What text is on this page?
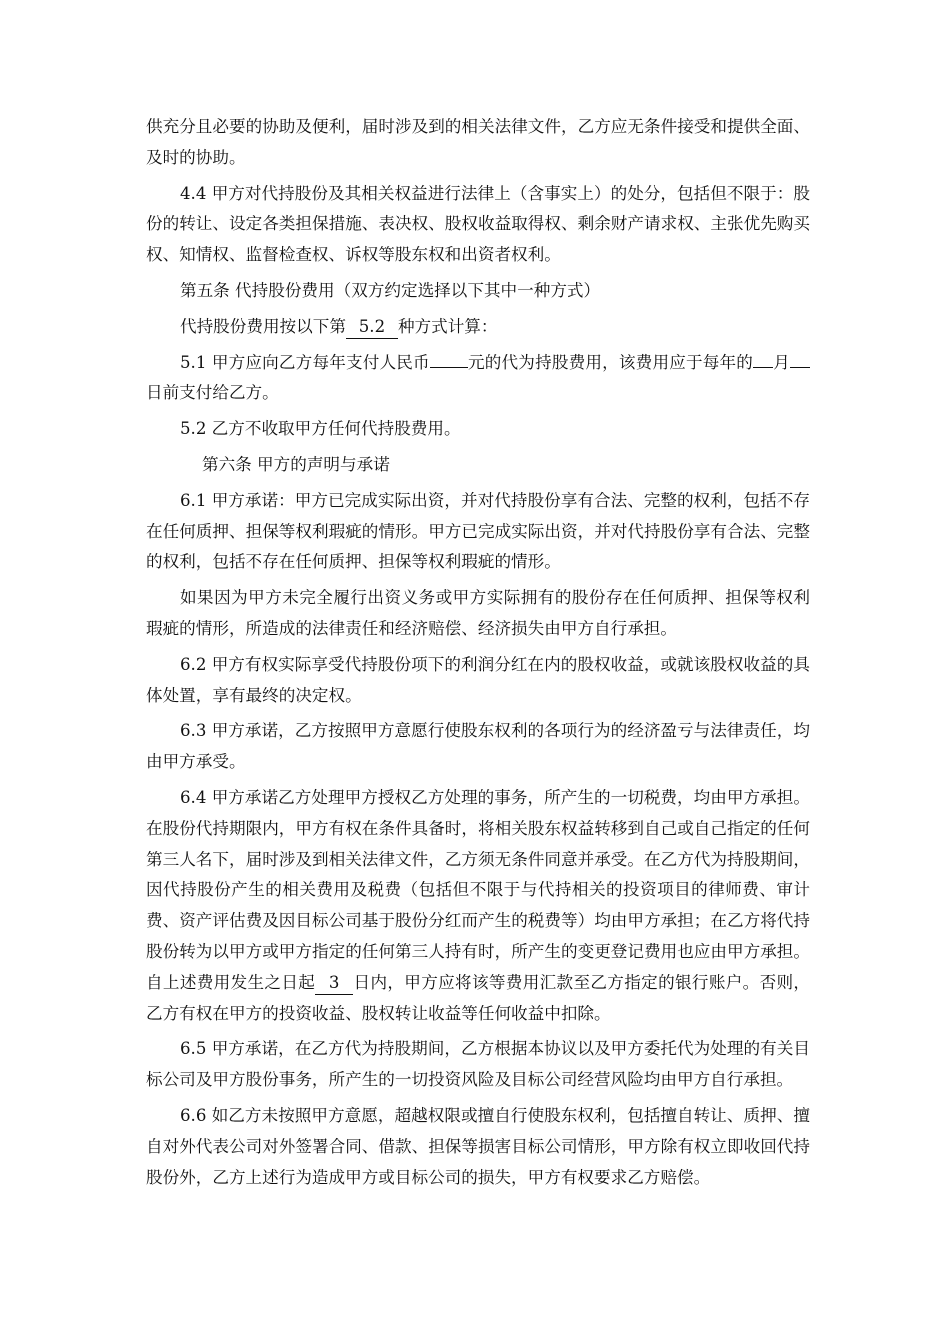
供充分且必要的协助及便利，届时涉及到的相关法律文件，乙方应无条件接受和提供全面、及时的协助。

4.4 甲方对代持股份及其相关权益进行法律上（含事实上）的处分，包括但不限于：股份的转让、设定各类担保措施、表决权、股权收益取得权、剩余财产请求权、主张优先购买权、知情权、监督检查权、诉权等股东权和出资者权利。

第五条 代持股份费用（双方约定选择以下其中一种方式）

代持股份费用按以下第 5.2 种方式计算：

5.1 甲方应向乙方每年支付人民币 元的代为持股费用，该费用应于每年的 月日前支付给乙方。

5.2 乙方不收取甲方任何代持股费用。

第六条 甲方的声明与承诺

6.1 甲方承诺：甲方已完成实际出资，并对代持股份享有合法、完整的权利，包括不存在任何质押、担保等权利瑕疵的情形。甲方已完成实际出资，并对代持股份享有合法、完整的权利，包括不存在任何质押、担保等权利瑕疵的情形。

如果因为甲方未完全履行出资义务或甲方实际拥有的股份存在任何质押、担保等权利瑕疵的情形，所造成的法律责任和经济赔偿、经济损失由甲方自行承担。

6.2 甲方有权实际享受代持股份项下的利润分红在内的股权收益，或就该股权收益的具体处置，享有最终的决定权。

6.3 甲方承诺，乙方按照甲方意愿行使股东权利的各项行为的经济盈亏与法律责任，均由甲方承受。

6.4 甲方承诺乙方处理甲方授权乙方处理的事务，所产生的一切税费，均由甲方承担。在股份代持期限内，甲方有权在条件具备时，将相关股东权益转移到自己或自己指定的任何第三人名下，届时涉及到相关法律文件，乙方须无条件同意并承受。在乙方代为持股期间，因代持股份产生的相关费用及税费（包括但不限于与代持相关的投资项目的律师费、审计费、资产评估费及因目标公司基于股份分红而产生的税费等）均由甲方承担；在乙方将代持股份转为以甲方或甲方指定的任何第三人持有时，所产生的变更登记费用也应由甲方承担。自上述费用发生之日起 3 日内，甲方应将该等费用汇款至乙方指定的银行账户。否则，乙方有权在甲方的投资收益、股权转让收益等任何收益中扣除。

6.5 甲方承诺，在乙方代为持股期间，乙方根据本协议以及甲方委托代为处理的有关目标公司及甲方股份事务，所产生的一切投资风险及目标公司经营风险均由甲方自行承担。

6.6 如乙方未按照甲方意愿，超越权限或擅自行使股东权利，包括擅自转让、质押、擅自对外代表公司对外签署合同、借款、担保等损害目标公司情形，甲方除有权立即收回代持股份外，乙方上述行为造成甲方或目标公司的损失，甲方有权要求乙方赔偿。
